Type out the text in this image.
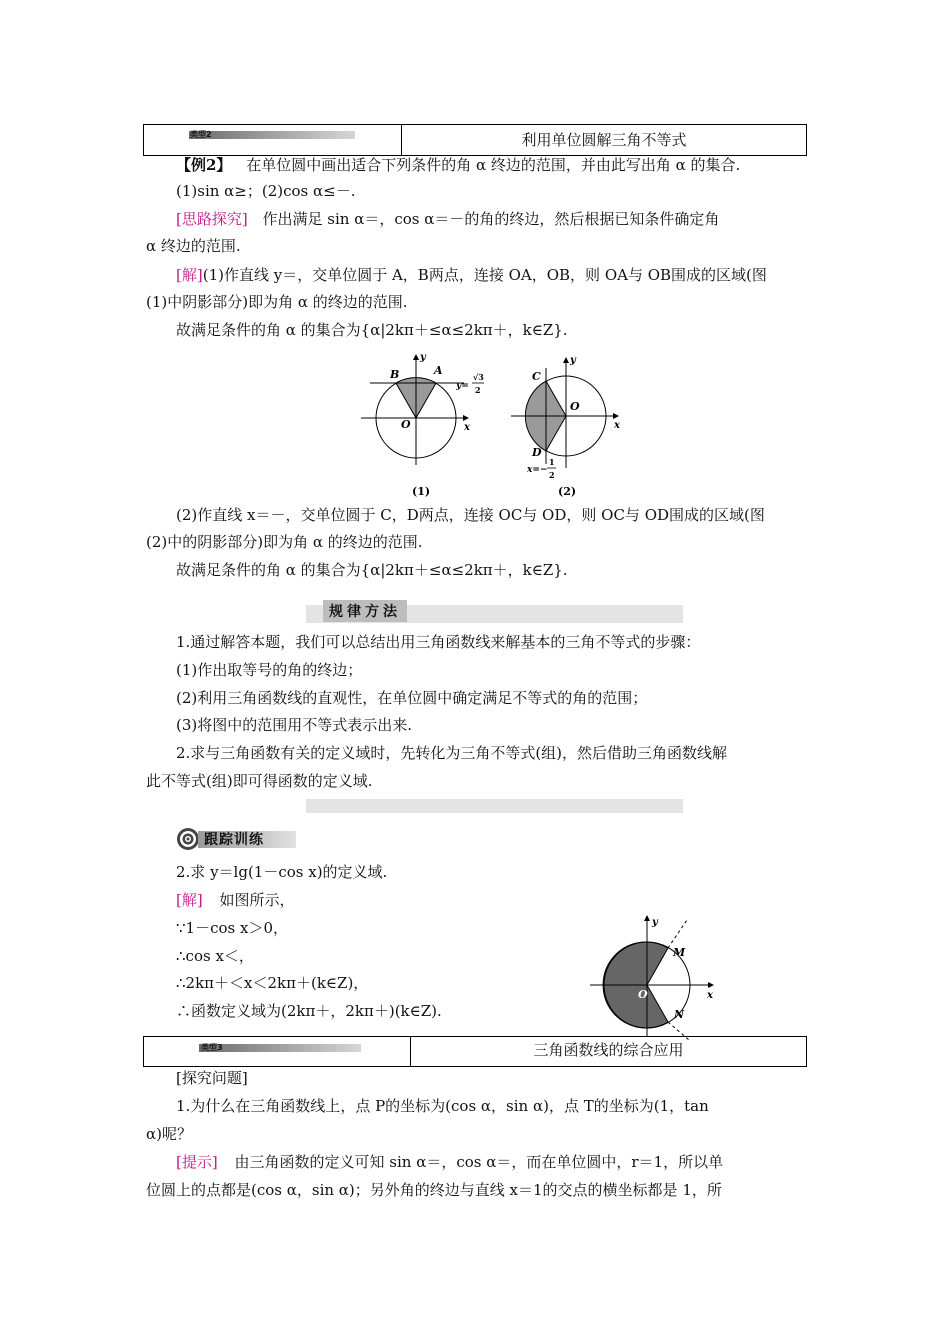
类型2	利用单位圆解三角不等式
【例2】 在单位圆中画出适合下列条件的角 α 终边的范围，并由此写出角 α 的集合.
(1)sin α≥；(2)cos α≤－.
[思路探究] 作出满足 sin α＝，cos α＝－的角的终边，然后根据已知条件确定角
α 终边的范围.
[解](1)作直线 y＝，交单位圆于 A，B两点，连接 OA，OB，则 OA与 OB围成的区域(图
(1)中阴影部分)即为角 α 的终边的范围.
故满足条件的角 α 的集合为{α|2kπ＋≤α≤2kπ＋，k∈Z}.
B	A
O
y
x
y=
√3
2
(1)
C
D
O
y
x
x=−
1
2
(2)
(2)作直线 x＝－，交单位圆于 C，D两点，连接 OC与 OD，则 OC与 OD围成的区域(图
(2)中的阴影部分)即为角 α 的终边的范围.
故满足条件的角 α 的集合为{α|2kπ＋≤α≤2kπ＋，k∈Z}.
规律方法
1.通过解答本题，我们可以总结出用三角函数线来解基本的三角不等式的步骤：
(1)作出取等号的角的终边；
(2)利用三角函数线的直观性，在单位圆中确定满足不等式的角的范围；
(3)将图中的范围用不等式表示出来.
2.求与三角函数有关的定义域时，先转化为三角不等式(组)，然后借助三角函数线解
此不等式(组)即可得函数的定义域.
跟踪训练
2.求 y＝lg(1－cos x)的定义域.
[解] 如图所示，
∵1－cos x＞0，
∴cos x＜，
∴2kπ＋＜x＜2kπ＋(k∈Z)，
∴函数定义域为(2kπ＋，2kπ＋)(k∈Z).
y
x
M
N
O
类型3	三角函数线的综合应用
[探究问题]
1.为什么在三角函数线上，点 P的坐标为(cos α，sin α)，点 T的坐标为(1，tan
α)呢？
[提示] 由三角函数的定义可知 sin α＝，cos α＝，而在单位圆中，r＝1，所以单
位圆上的点都是(cos α，sin α)；另外角的终边与直线 x＝1的交点的横坐标都是 1，所
